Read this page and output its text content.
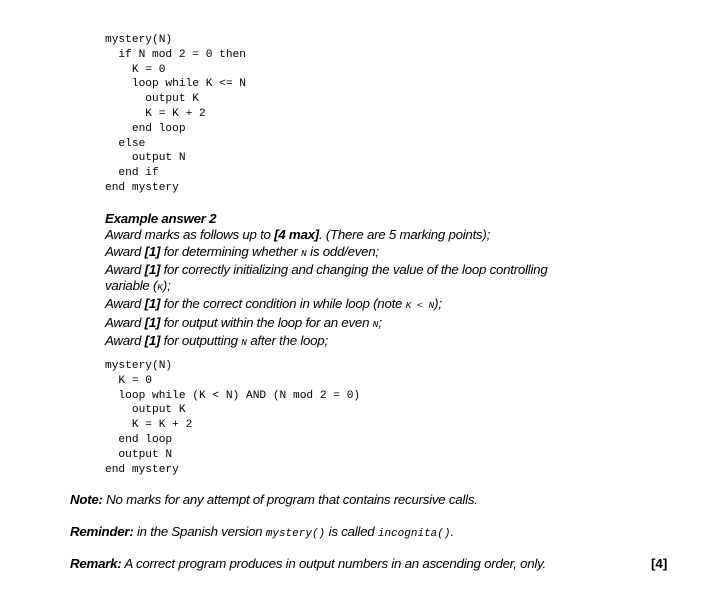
mystery(N)
if N mod 2 = 0 then
K = 0
loop while K <= N
output K
K = K + 2
end loop
else
output N
end if
end mystery
Example answer 2
Award marks as follows up to [4 max]. (There are 5 marking points);
Award [1] for determining whether N is odd/even;
Award [1] for correctly initializing and changing the value of the loop controlling
variable (K);
Award [1] for the correct condition in while loop (note K < N);
Award [1] for output within the loop for an even N;
Award [1] for outputting N after the loop;
mystery(N)
K = 0
loop while (K < N) AND (N mod 2 = 0)
output K
K = K + 2
end loop
output N
end mystery
Note: No marks for any attempt of program that contains recursive calls.
Reminder: in the Spanish version mystery() is called incognita().
Remark: A correct program produces in output numbers in an ascending order, only.	[4]
